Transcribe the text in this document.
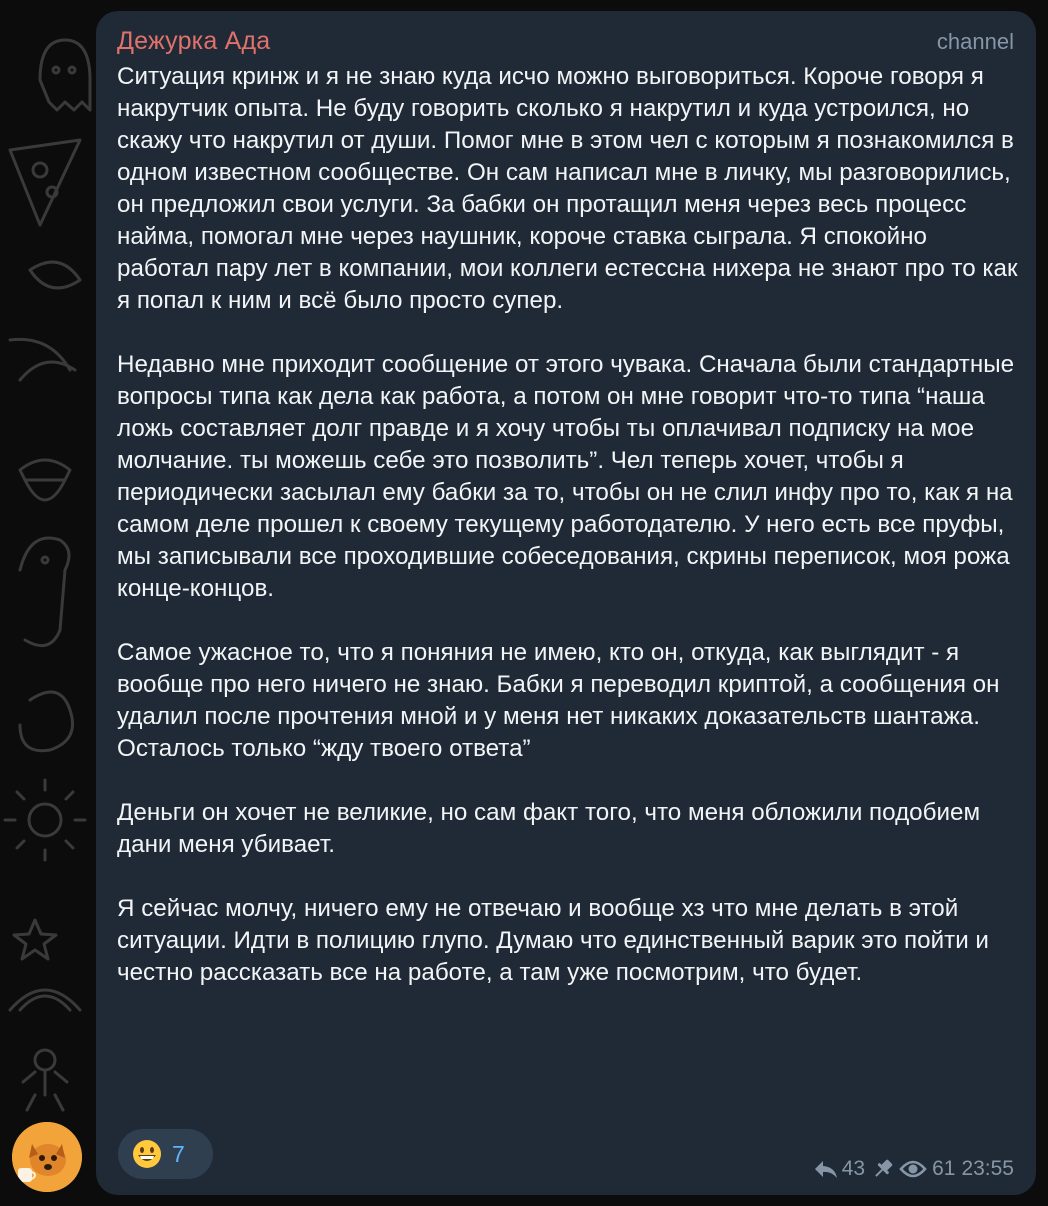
Дежурка Ада	channel

Ситуация кринж и я не знаю куда исчо можно выговориться. Короче говоря я накрутчик опыта. Не буду говорить сколько я накрутил и куда устроился, но скажу что накрутил от души. Помог мне в этом чел с которым я познакомился в одном известном сообществе. Он сам написал мне в личку, мы разговорились, он предложил свои услуги. За бабки он протащил меня через весь процесс найма, помогал мне через наушник, короче ставка сыграла. Я спокойно работал пару лет в компании, мои коллеги естессна нихера не знают про то как я попал к ним и всё было просто супер.

Недавно мне приходит сообщение от этого чувака. Сначала были стандартные вопросы типа как дела как работа, а потом он мне говорит что-то типа “наша ложь составляет долг правде и я хочу чтобы ты оплачивал подписку на мое молчание. ты можешь себе это позволить”. Чел теперь хочет, чтобы я периодически засылал ему бабки за то, чтобы он не слил инфу про то, как я на самом деле прошел к своему текущему работодателю. У него есть все пруфы, мы записывали все проходившие собеседования, скрины переписок, моя рожа конце-концов.

Самое ужасное то, что я поняния не имею, кто он, откуда, как выглядит - я вообще про него ничего не знаю. Бабки я переводил криптой, а сообщения он удалил после прочтения мной и у меня нет никаких доказательств шантажа. Осталось только “жду твоего ответа”

Деньги он хочет не великие, но сам факт того, что меня обложили подобием дани меня убивает.

Я сейчас молчу, ничего ему не отвечаю и вообще хз что мне делать в этой ситуации. Идти в полицию глупо. Думаю что единственный варик это пойти и честно рассказать все на работе, а там уже посмотрим, что будет.

7
43	61 23:55
